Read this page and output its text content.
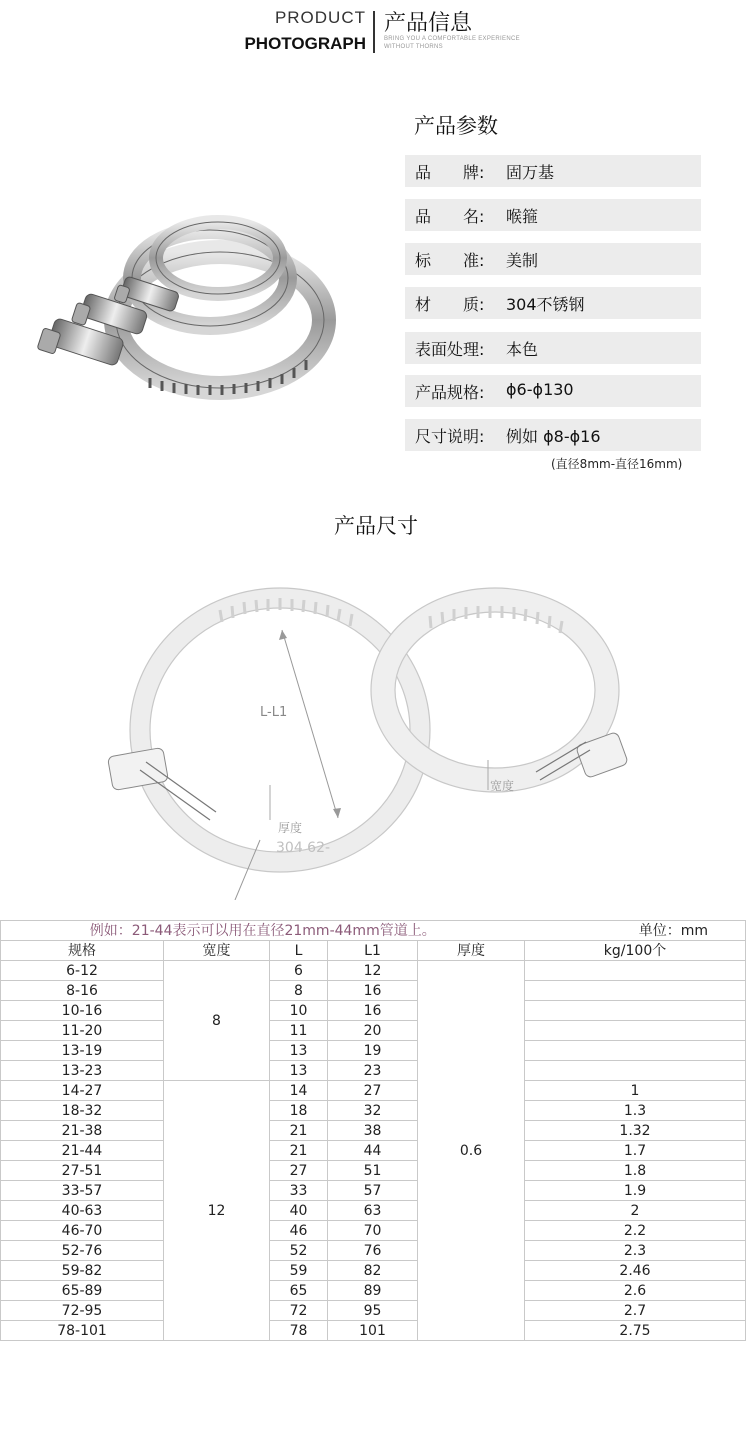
PRODUCT
PHOTOGRAPH
产品信息
BRING YOU A COMFORTABLE EXPERIENCE
WITHOUT THORNS
产品参数
品　　牌: 固万基
品　　名: 喉箍
标　　准: 美制
材　　质: 304不锈钢
表面处理: 本色
产品规格: ϕ6-ϕ130
尺寸说明: 例如 ϕ8-ϕ16
(直径8mm-直径16mm)
产品尺寸
L-L1
厚度
宽度
304 62-
例如：21-44表示可以用在直径21mm-44mm管道上。					单位：mm
规格	宽度	L	L1	厚度	kg/100个
6-12	8	6	12	0.6	
8-16		8	16		
10-16		10	16		
11-20		11	20		
13-19		13	19		
13-23		13	23		
14-27	12	14	27		1
18-32		18	32		1.3
21-38		21	38		1.32
21-44		21	44		1.7
27-51		27	51		1.8
33-57		33	57		1.9
40-63		40	63		2
46-70		46	70		2.2
52-76		52	76		2.3
59-82		59	82		2.46
65-89		65	89		2.6
72-95		72	95		2.7
78-101		78	101		2.75
